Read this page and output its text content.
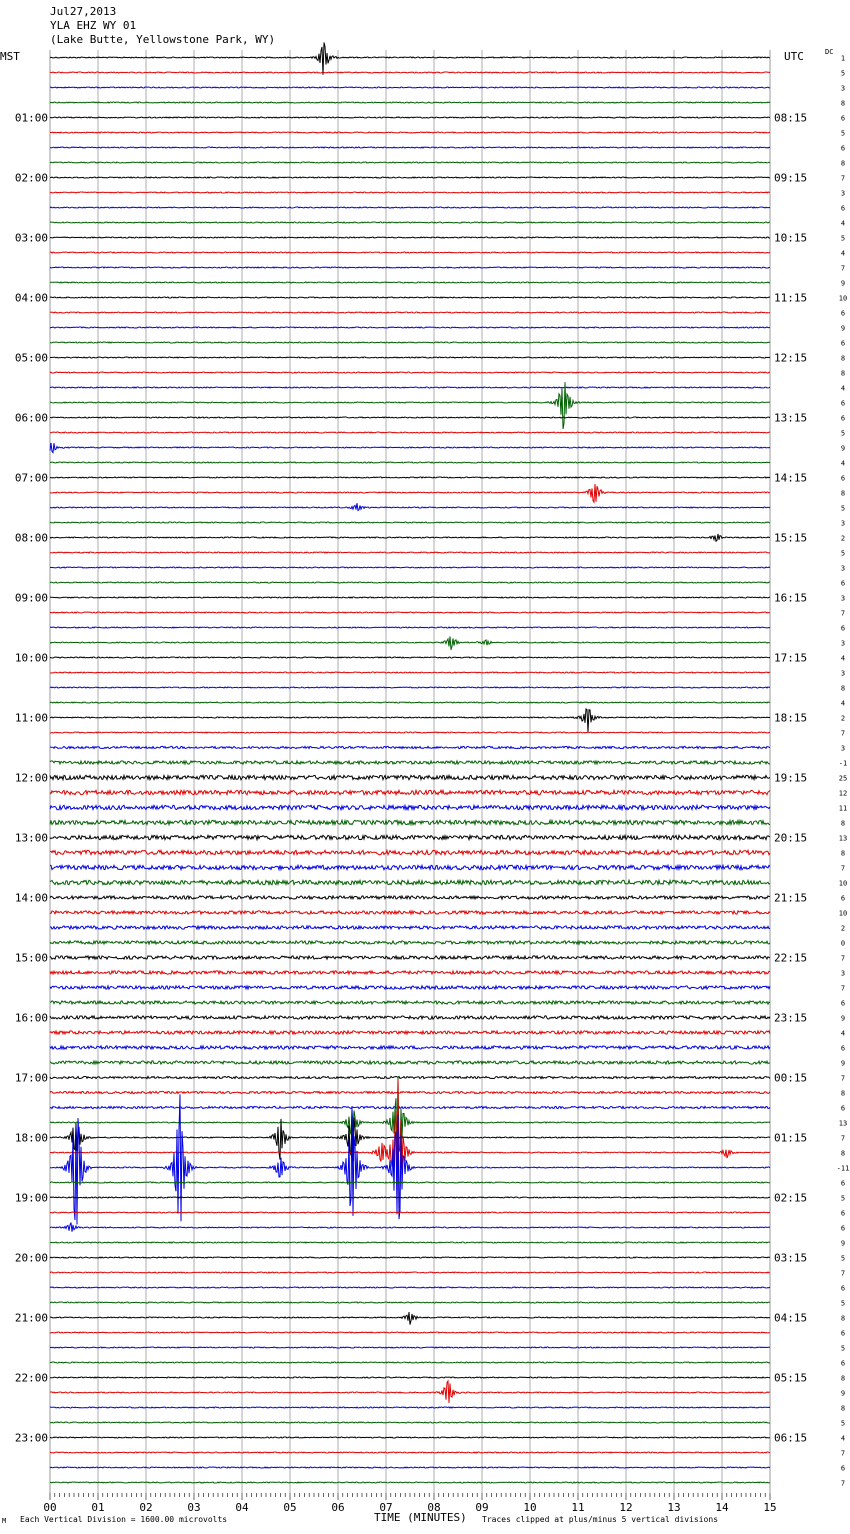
Jul27,2013
YLA EHZ WY 01
(Lake Butte, Yellowstone Park, WY)
MST	UTC	DC
1
5
3
8
6
5
6
8
7
3
6
4
5
4
7
9
10
6
9
6
8
8
4
6
6
5
9
4
6
8
5
3
2
5
3
6
3
7
6
3
4
3
8
4
2
7
3
-1
25
12
11
8
13
8
7
10
6
10
2
0
7
3
7
6
9
4
6
9
7
8
6
13
7
8
-11
6
5
6
6
9
5
7
6
5
8
6
5
6
8
9
8
5
4
7
6
7
01:00
02:00
03:00
04:00
05:00
06:00
07:00
08:00
09:00
10:00
11:00
12:00
13:00
14:00
15:00
16:00
17:00
18:00
19:00
20:00
21:00
22:00
23:00
08:15
09:15
10:15
11:15
12:15
13:15
14:15
15:15
16:15
17:15
18:15
19:15
20:15
21:15
22:15
23:15
00:15
01:15
02:15
03:15
04:15
05:15
06:15
00	01	02	03	04	05	06	07	08	09	10	11	12	13	14	15
M Each Vertical Division = 1600.00 microvolts	TIME (MINUTES) Traces clipped at plus/minus 5 vertical divisions
